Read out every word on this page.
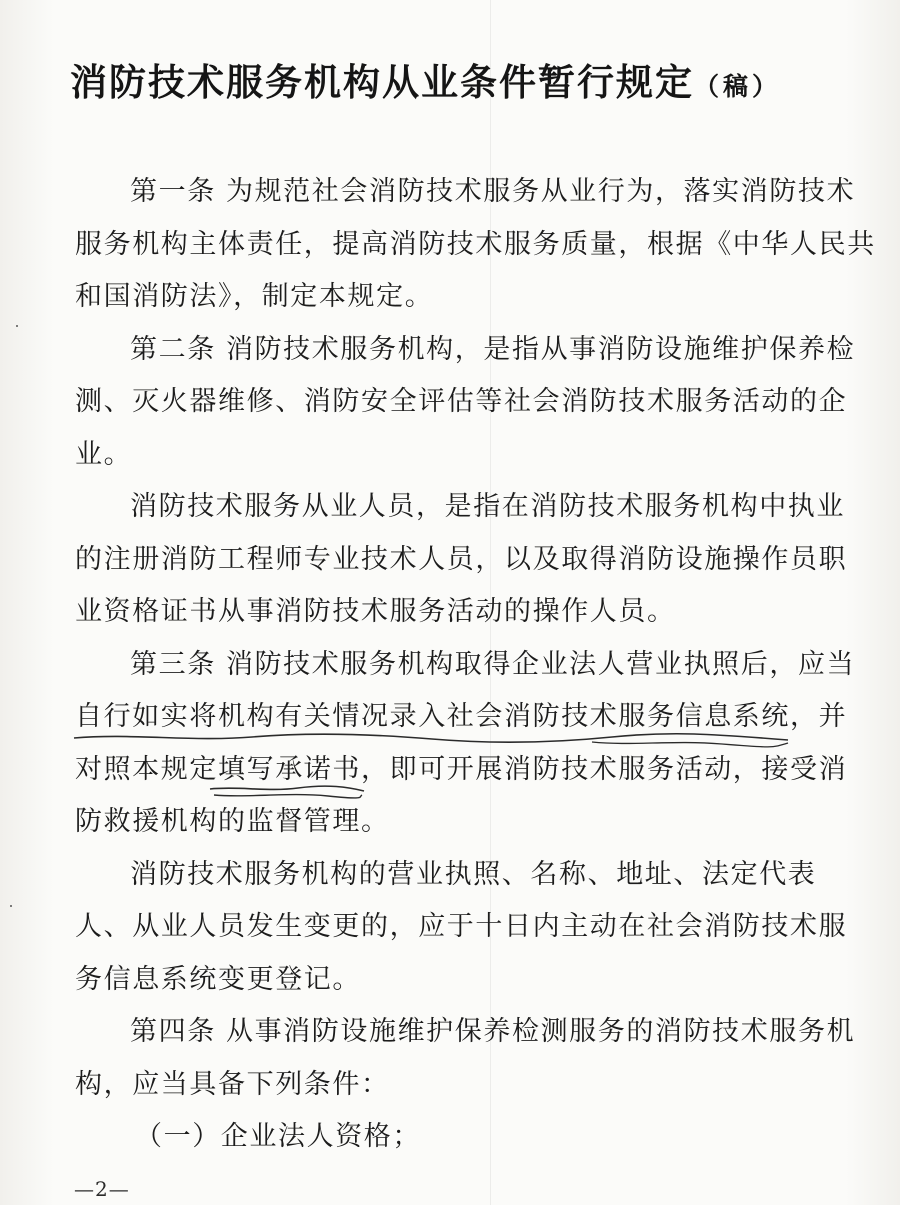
消防技术服务机构从业条件暂行规定（稿）
第一条 为规范社会消防技术服务从业行为，落实消防技术
服务机构主体责任，提高消防技术服务质量，根据《中华人民共
和国消防法》，制定本规定。
第二条 消防技术服务机构，是指从事消防设施维护保养检
测、灭火器维修、消防安全评估等社会消防技术服务活动的企
业。
消防技术服务从业人员，是指在消防技术服务机构中执业
的注册消防工程师专业技术人员，以及取得消防设施操作员职
业资格证书从事消防技术服务活动的操作人员。
第三条 消防技术服务机构取得企业法人营业执照后，应当
自行如实将机构有关情况录入社会消防技术服务信息系统，并
对照本规定填写承诺书，即可开展消防技术服务活动，接受消
防救援机构的监督管理。
消防技术服务机构的营业执照、名称、地址、法定代表
人、从业人员发生变更的，应于十日内主动在社会消防技术服
务信息系统变更登记。
第四条 从事消防设施维护保养检测服务的消防技术服务机
构，应当具备下列条件：
—2—
（一）企业法人资格；
